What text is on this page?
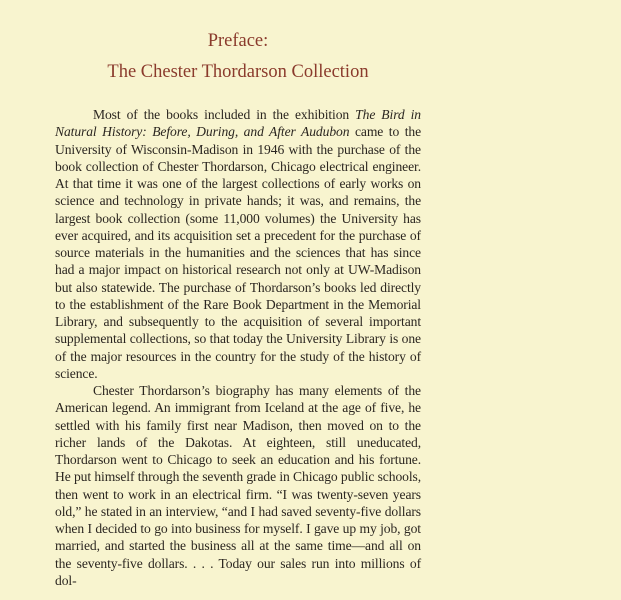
Preface:
The Chester Thordarson Collection

Most of the books included in the exhibition The Bird in Natural History: Before, During, and After Audubon came to the University of Wisconsin-Madison in 1946 with the purchase of the book collection of Chester Thordarson, Chicago electrical engineer. At that time it was one of the largest collections of early works on science and technology in private hands; it was, and remains, the largest book collection (some 11,000 volumes) the University has ever acquired, and its acquisition set a precedent for the purchase of source materials in the humanities and the sciences that has since had a major impact on historical research not only at UW-Madison but also statewide. The purchase of Thordarson’s books led directly to the establishment of the Rare Book Department in the Memorial Library, and subsequently to the acquisition of several important supplemental collections, so that today the University Library is one of the major resources in the country for the study of the history of science.

Chester Thordarson’s biography has many elements of the American legend. An immigrant from Iceland at the age of five, he settled with his family first near Madison, then moved on to the richer lands of the Dakotas. At eighteen, still uneducated, Thordarson went to Chicago to seek an education and his fortune. He put himself through the seventh grade in Chicago public schools, then went to work in an electrical firm. “I was twenty-seven years old,” he stated in an interview, “and I had saved seventy-five dollars when I decided to go into business for myself. I gave up my job, got married, and started the business all at the same time—and all on the seventy-five dollars. . . . Today our sales run into millions of dol-
